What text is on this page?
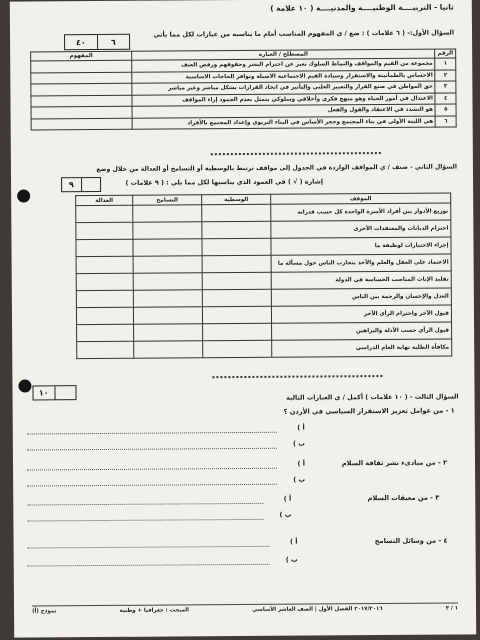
ثانيا - التربيــــة الوطنيــــة والمدنيــــة ( ١٠ علامة )
السؤال الأول:- ( ٦ علامات ) : ضع / ي المفهوم المناسب أمام ما يناسبه من عبارات لكل مما يأتي
٤٠	٦
الرقم	المصطلح / العبارة	المفهوم
١	مجموعة من القيم والمواقف والنماط السلوك تعبر عن احترام البشر وحقوقهم ورفض العنف	
٢	الاحساس بالطمأنينة والاستقرار وسيادة القيم الاجتماعية الاصيلة وتوافر الحاجات الاساسية	
٣	حق المواطن في صنع القرار والتعبير العلني والتأثير في اتخاذ القرارات بشكل مباشر وغير مباشر	
٤	الاعتدال في أمور الحياة وهو منهج فكري وأخلاقي وسلوكي يتمثل بعدم الجمود إزاء المواقف	
٥	هو التشدد في الاعتقاد والقول والفعل	
٦	هي اللبنة الأولى في بناء المجتمع وحجر الأساس في البناء التربوي وإعداد المجتمع بالأفراد	
السؤال الثاني - صنف / ي المواقف الواردة في الجدول إلى مواقف ترتبط بالوسطية أو التسامح أو العدالة من خلال وضع
إشارة ( √ ) في العمود الذي يناسبها لكل مما يلي : ( ٩ علامات )
٩
الموقف	الوسطية	التسامح	العدالة
توزيع الأدوار بين أفراد الأسرة الواحدة كل حسب قدراته			
احترام الديانات والمعتقدات الأخرى			
إجراء الاختبارات لوظيفة ما			
الاعتماد على العقل والعلم والأخذ بتجارب الناس حول مسألة ما			
تقليد الإناث المناصب الحساسة في الدولة			
العدل والإحسان والرحمة بين الناس			
قبول الآخر واحترام الرأي الآخر			
قبول الرأي حسب الأدلة والبراهين			
مكافأة الطلبة نهاية العام الدراسي			
١٠	السؤال الثالث - ( ١٠ علامات ) أكمل / ي العبارات التالية
١ - من عوامل تعزيز الاستقرار السياسي في الأردن ؟
أ )
ب )
٢ - من مبادىء نشر ثقافة السلام
أ )
ب )
٣ - من معيقات السلام
أ )
ب )
٤ - من وسائل التسامح
أ )
ب )
١ / ٣
٢٠١٧/٢٠١٦ الفصل الأول | الصف العاشر الأساسي
المبحث : جغرافيا + وطنية
نموذج (أ)
